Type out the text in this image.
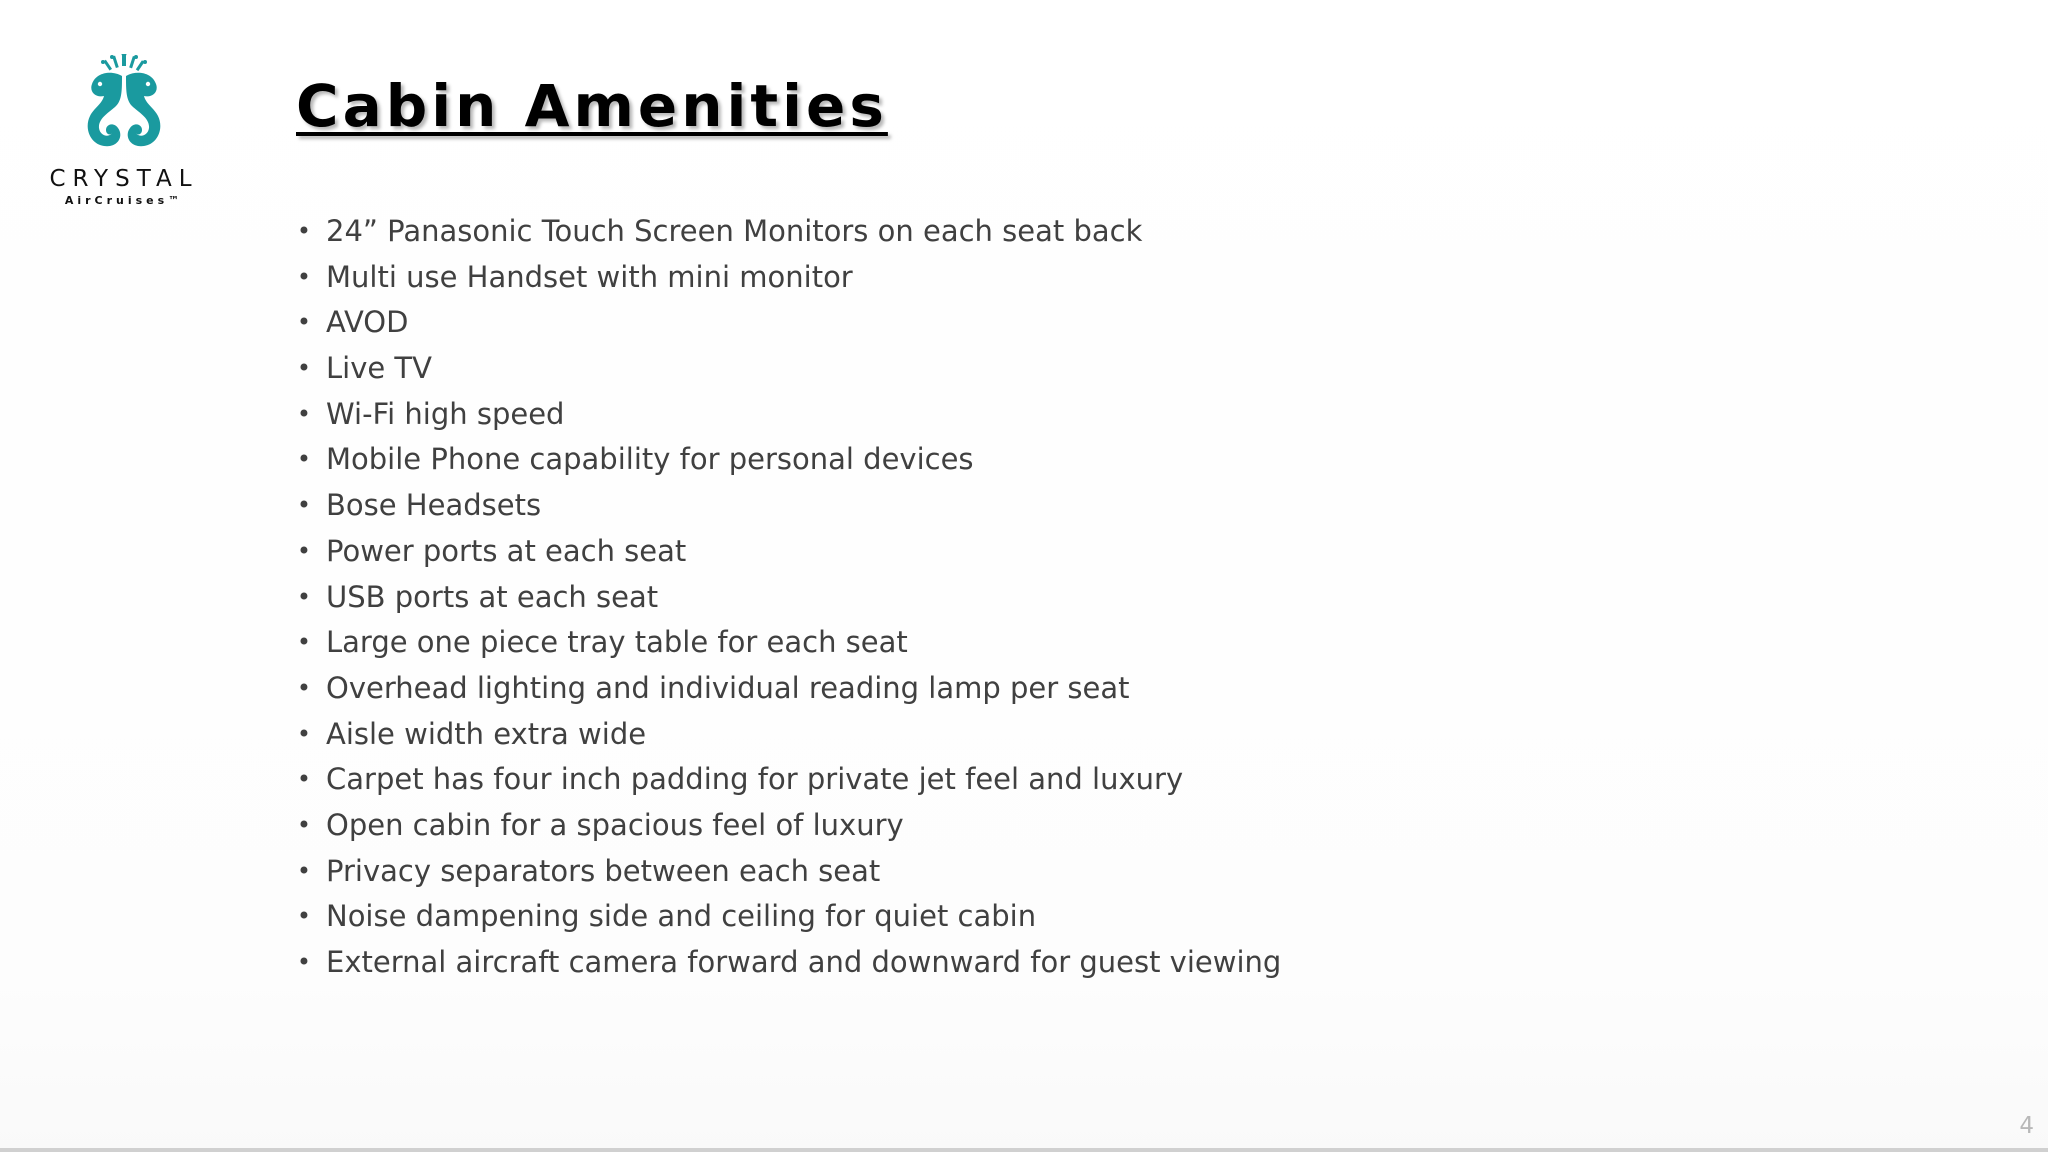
CRYSTAL
AirCruises™
Cabin Amenities
• 24” Panasonic Touch Screen Monitors on each seat back
• Multi use Handset with mini monitor
• AVOD
• Live TV
• Wi-Fi high speed
• Mobile Phone capability for personal devices
• Bose Headsets
• Power ports at each seat
• USB ports at each seat
• Large one piece tray table for each seat
• Overhead lighting and individual reading lamp per seat
• Aisle width extra wide
• Carpet has four inch padding for private jet feel and luxury
• Open cabin for a spacious feel of luxury
• Privacy separators between each seat
• Noise dampening side and ceiling for quiet cabin
• External aircraft camera forward and downward for guest viewing
4
